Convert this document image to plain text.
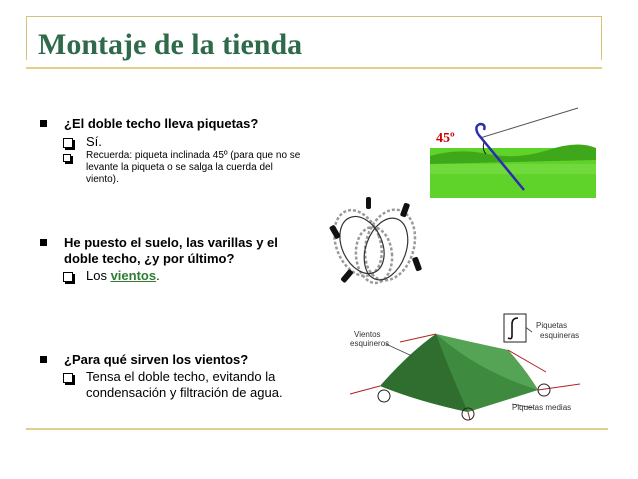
Montaje de la tienda

¿El doble techo lleva piquetas?

Sí.

Recuerda: piqueta inclinada 45º (para que no se levante la piqueta o se salga la cuerda del viento).

He puesto el suelo, las varillas y el

doble techo, ¿y por último?

Los vientos.

¿Para qué sirven los vientos?

Tensa el doble techo, evitando la

condensación y filtración de agua.

45º
Vientos
esquineros
Piquetas
esquineras
Piquetas medias
